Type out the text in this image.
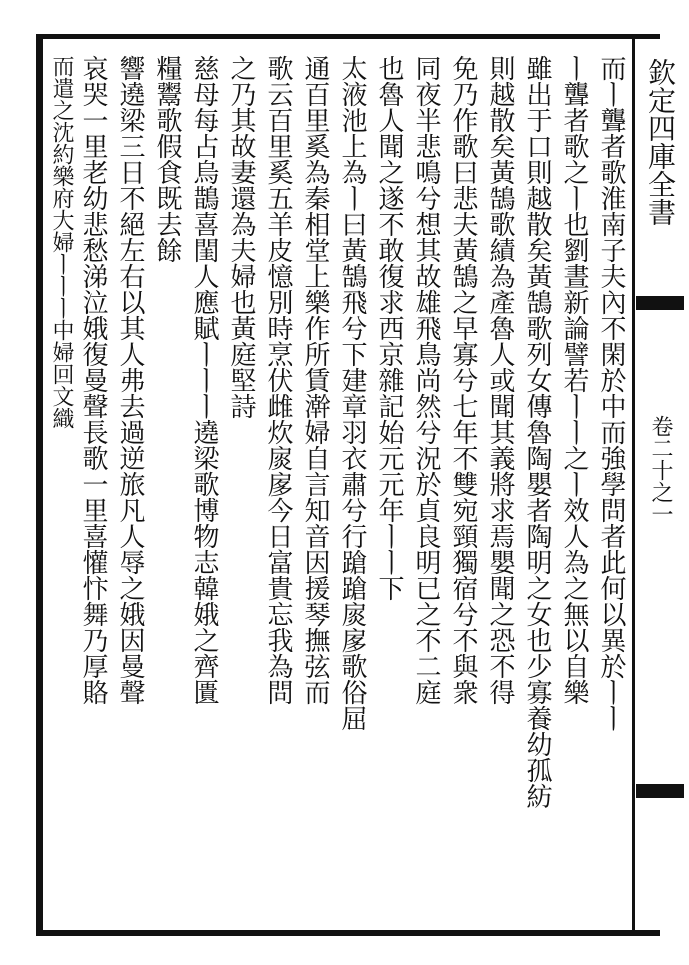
欽定四庫全書
卷二十之一
而ㅣ聾者歌淮南子夫內不閑於中而強學問者此何以異於ㅣㅣ
ㅣ聾者歌之ㅣ也劉晝新論譬若ㅣㅣ之ㅣ效人為之無以自樂
雖出于口則越散矣黃鵠歌列女傳魯陶嬰者陶明之女也少寡養幼孤紡
則越散矣黃鵠歌績為產魯人或聞其義將求焉嬰聞之恐不得
免乃作歌曰悲夫黃鵠之早寡兮七年不雙宛頸獨宿兮不與衆
同夜半悲鳴兮想其故雄飛鳥尚然兮況於貞良明已之不二庭
也魯人聞之遂不敢復求西京雜記始元元年ㅣㅣ下
太液池上為ㅣ曰黃鵠飛兮下建章羽衣肅兮行蹌蹌扊扅歌俗屈
通百里奚為秦相堂上樂作所賃澣婦自言知音因援琴撫弦而
歌云百里奚五羊皮憶別時烹伏雌炊扊扅今日富貴忘我為問
之乃其故妻還為夫婦也黃庭堅詩
慈母每占烏鵲喜閨人應賦ㅣㅣㅣ遶梁歌博物志韓娥之齊匱
糧鬻歌假食既去餘
響遶梁三日不絕左右以其人弗去過逆旅凡人辱之娥因曼聲
哀哭一里老幼悲愁涕泣娥復曼聲長歌一里喜懽忭舞乃厚賂
而遣之沈約樂府大婦ㅣㅣㅣ中婦回文織
